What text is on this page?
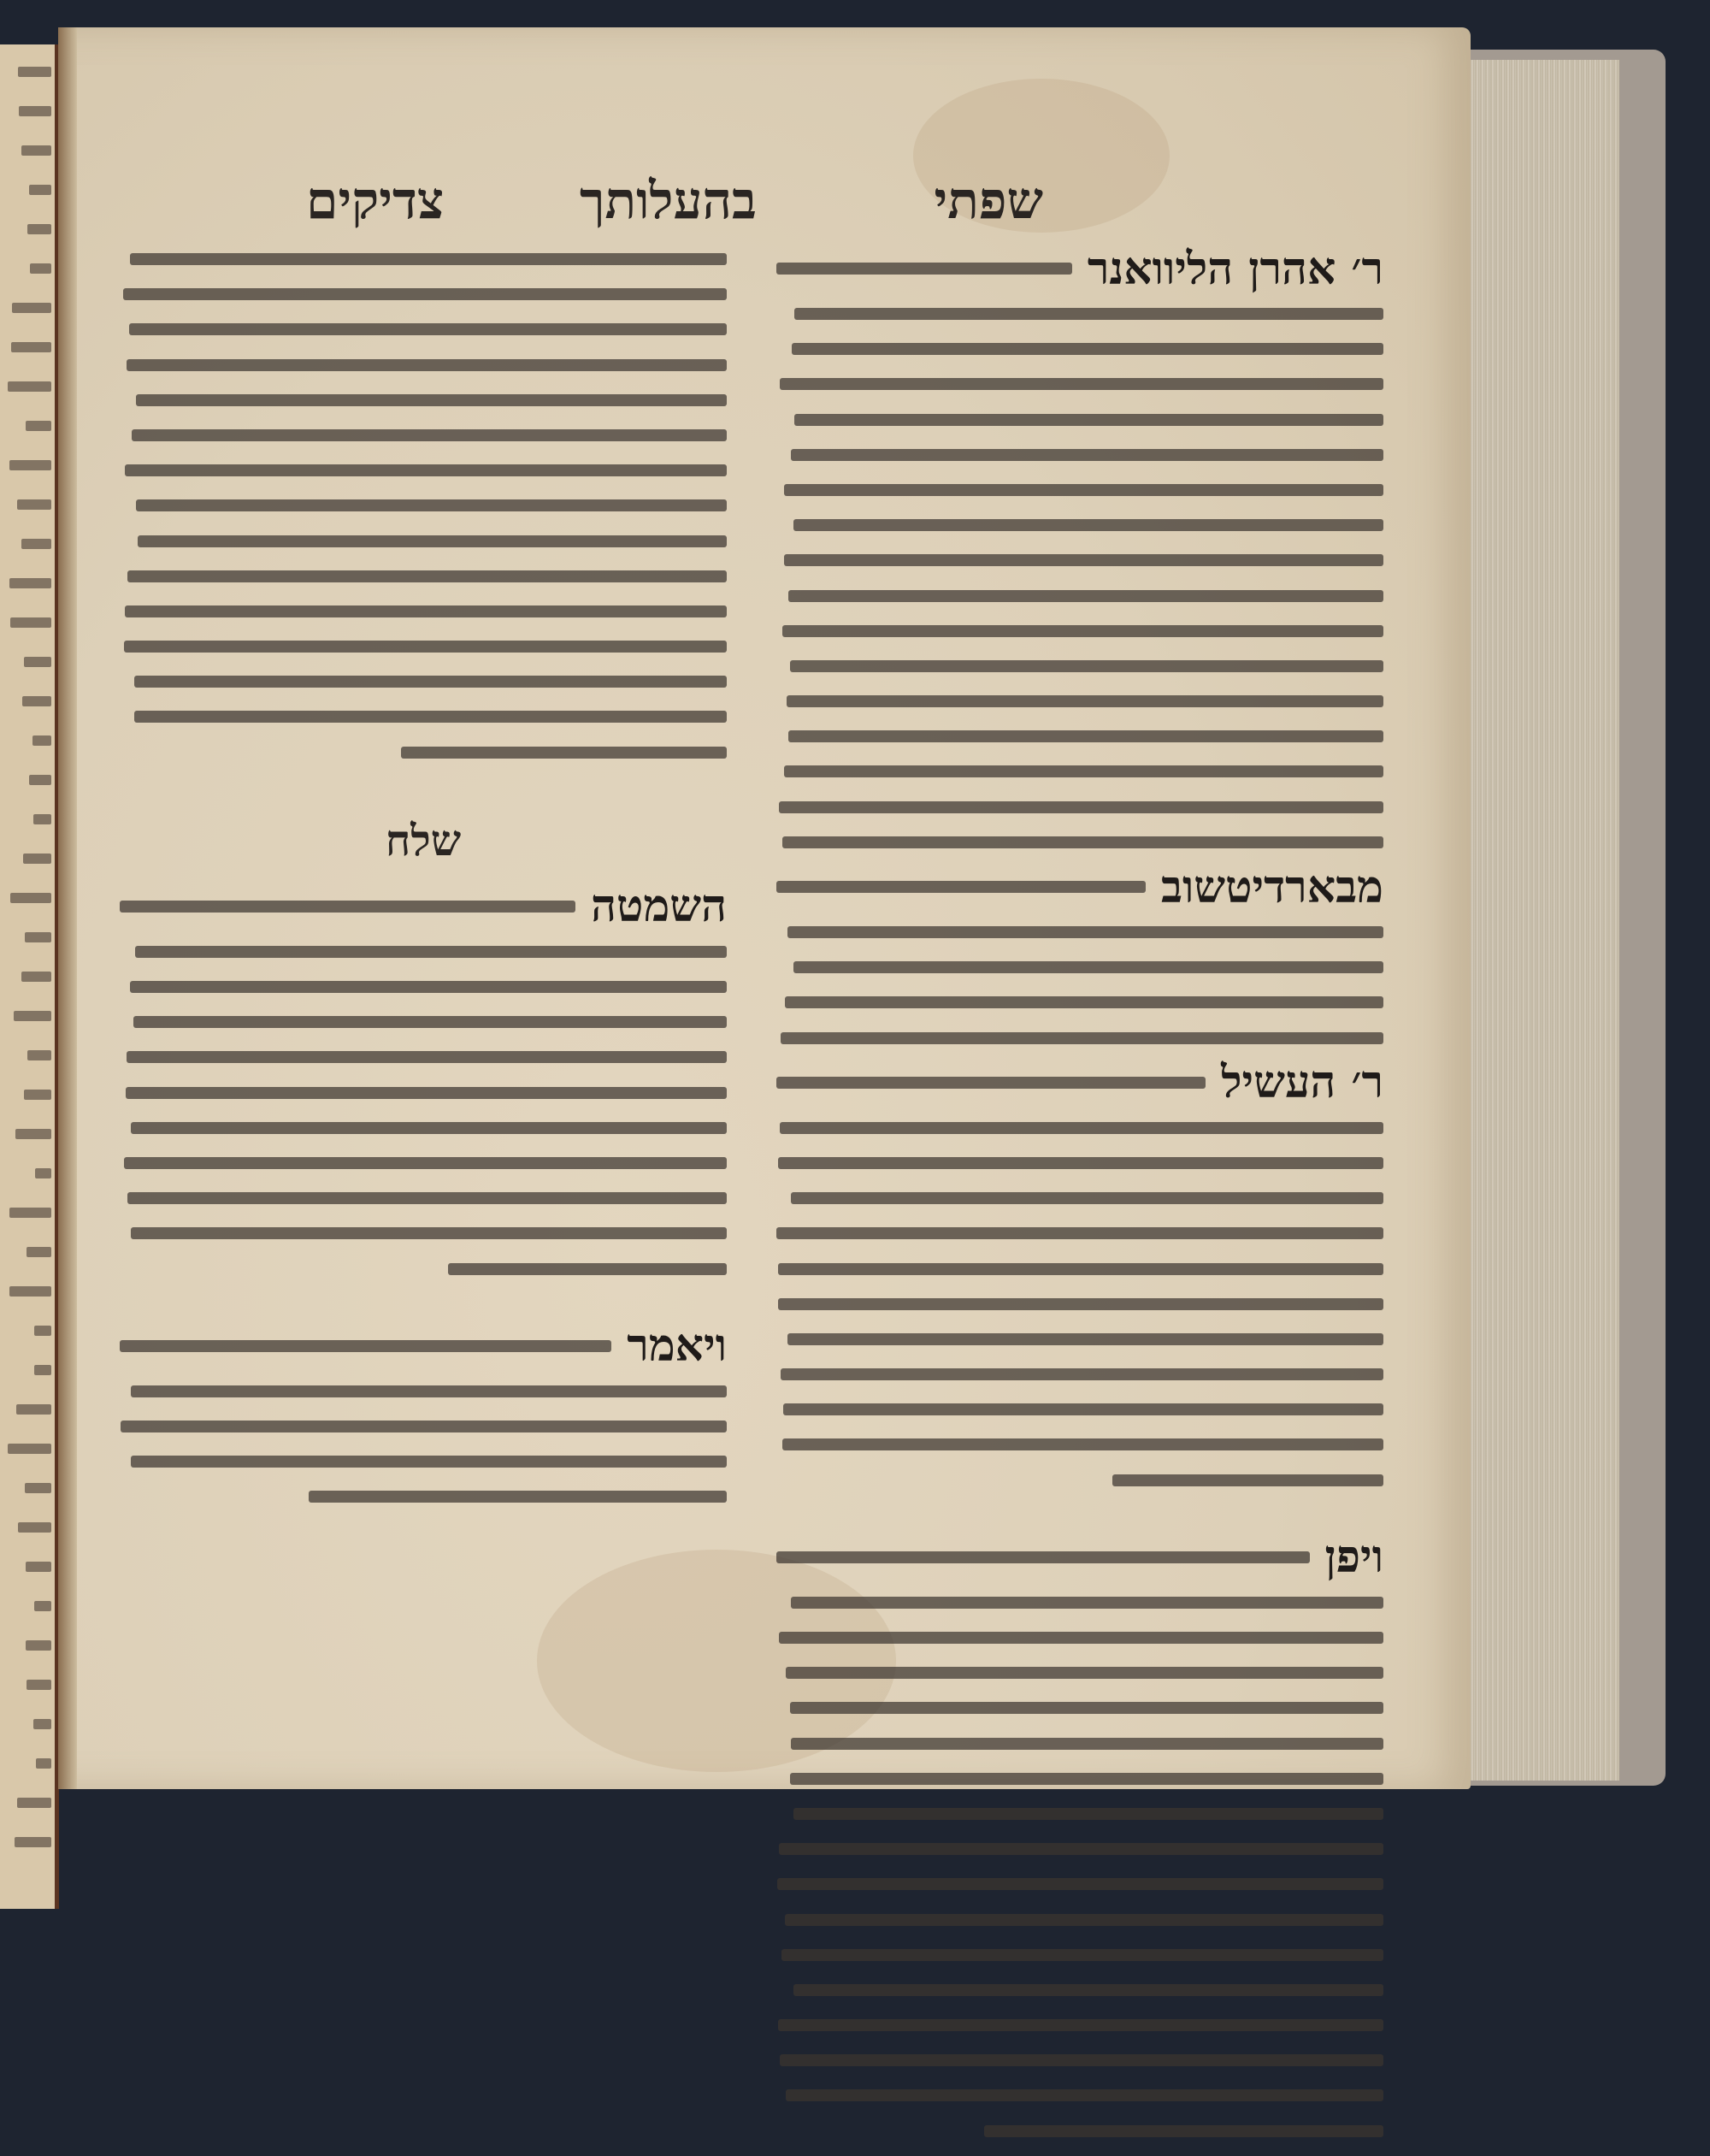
שפתי
בהעלותך
צדיקים
ר׳ אהרן הליוואנר
מבארדיטשוב
ר׳ העשיל
ויפן
שלח
השמטה
ויאמר
